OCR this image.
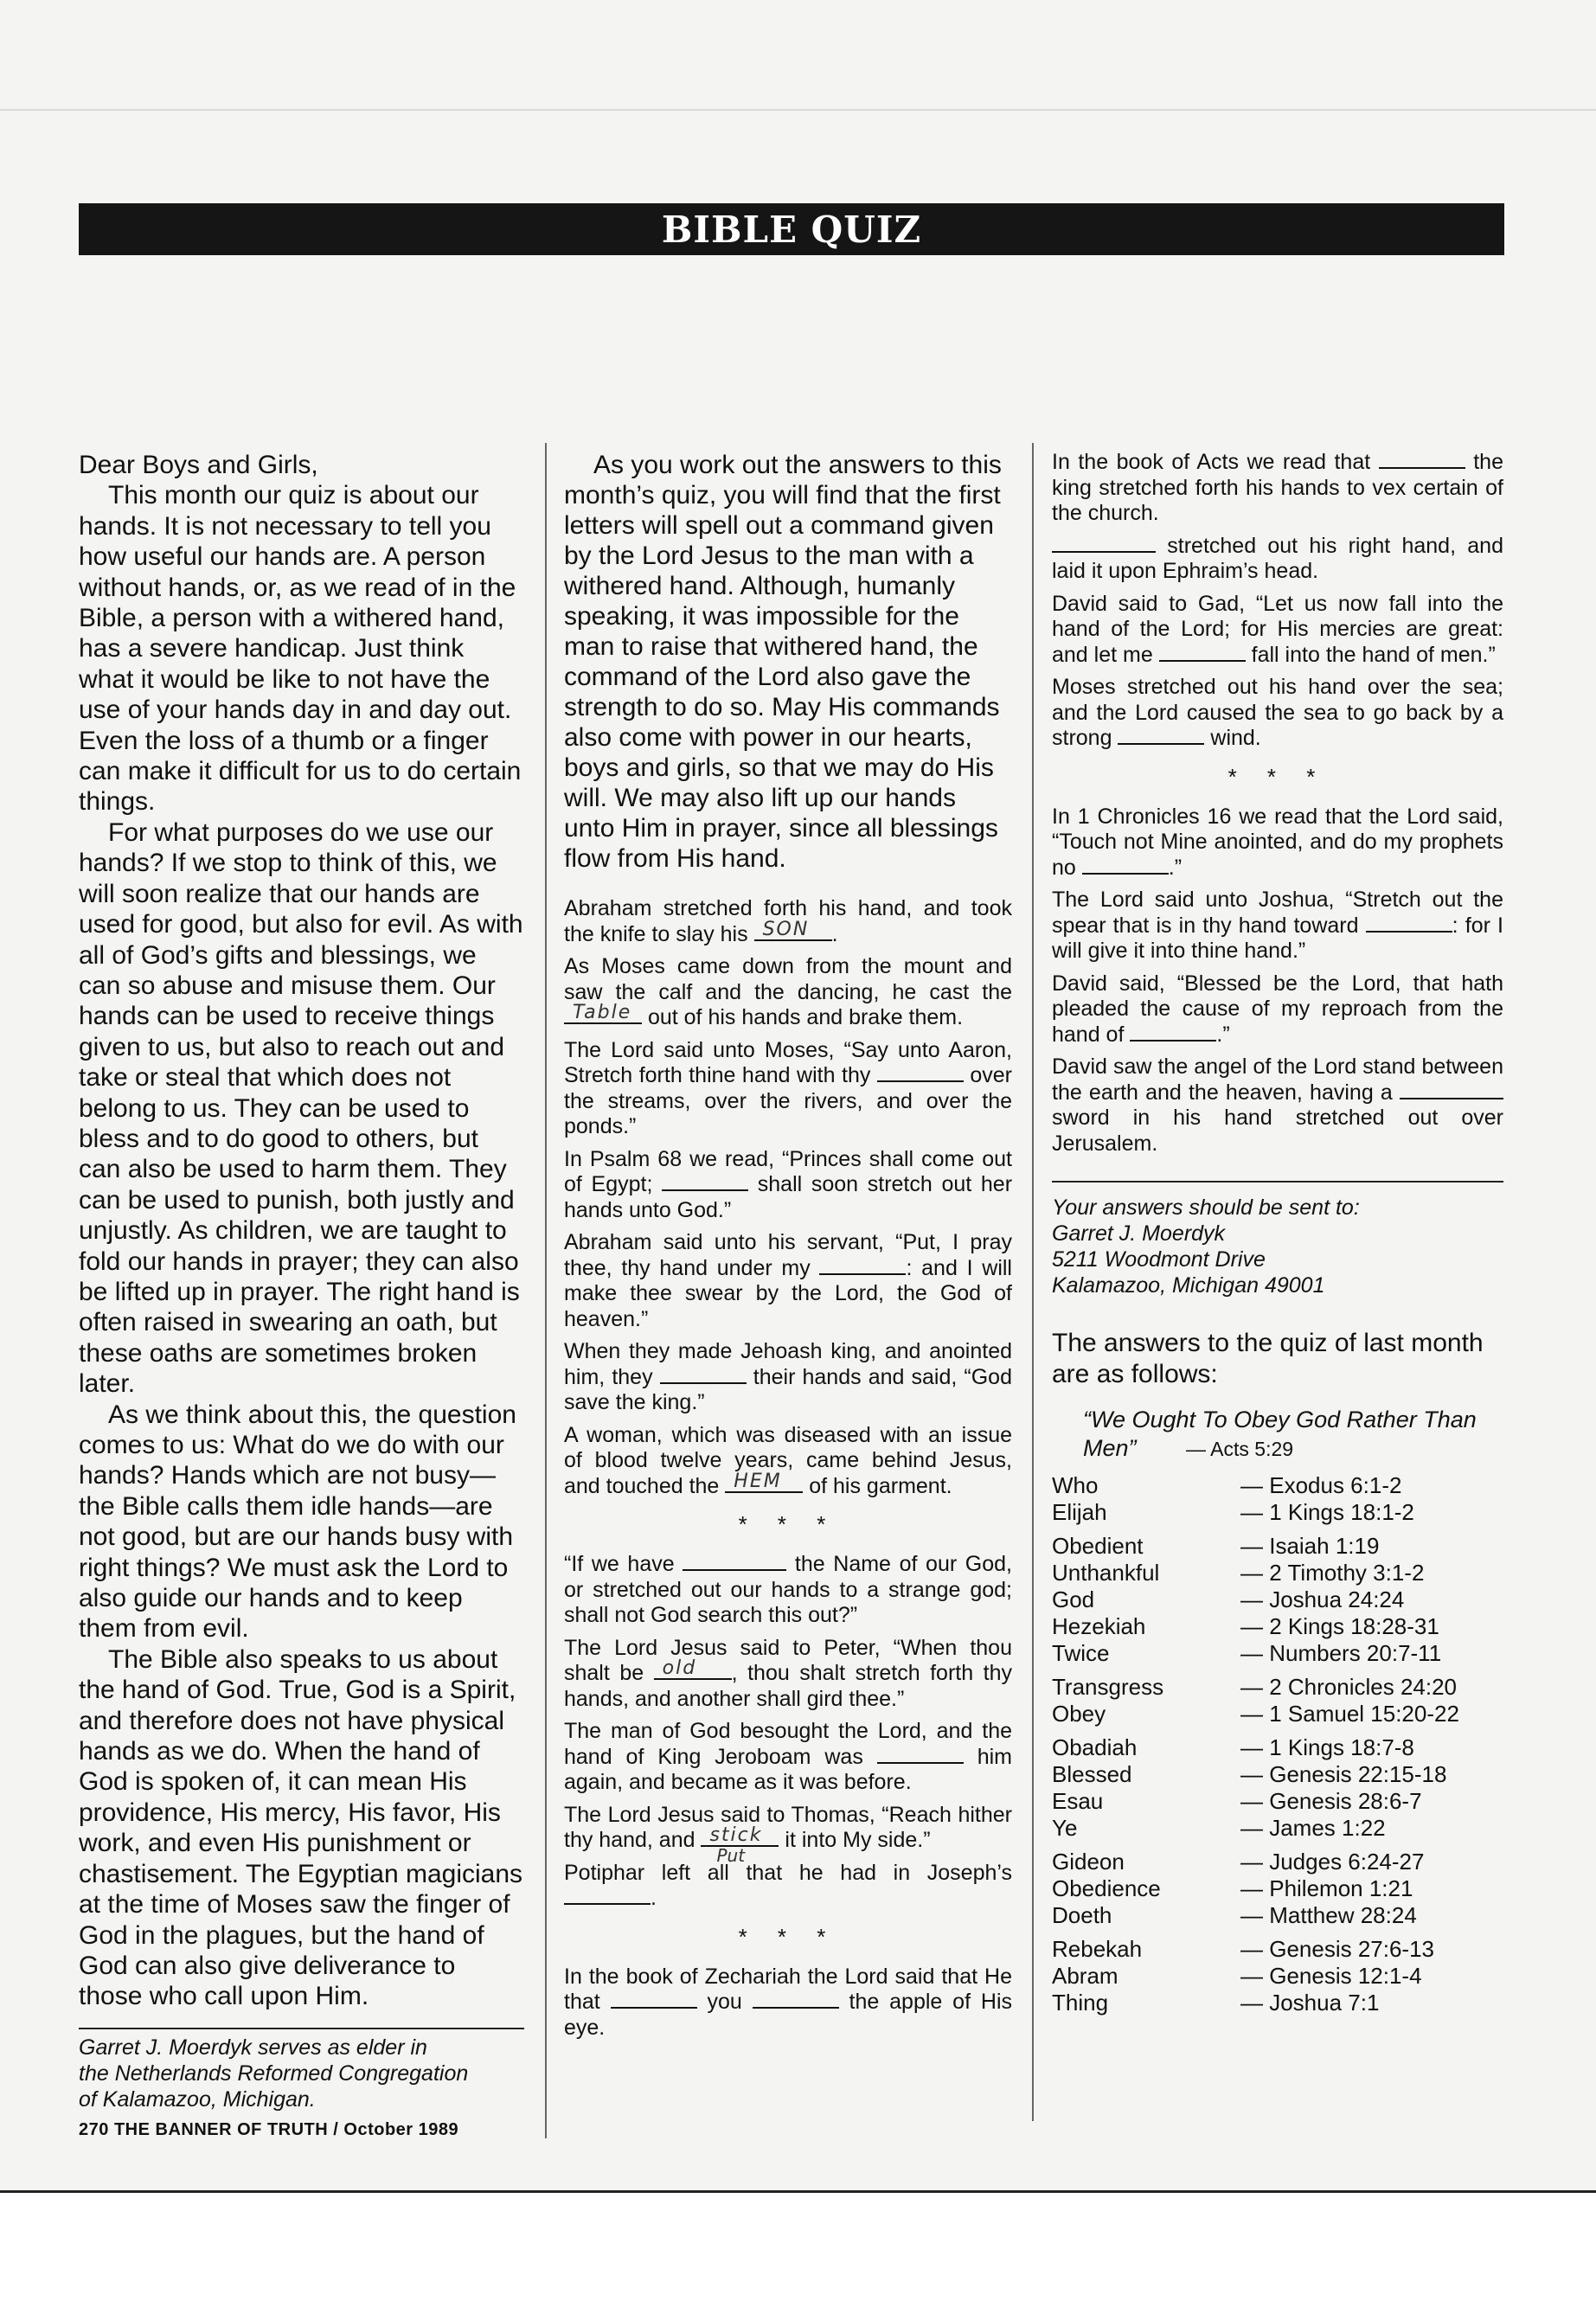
BIBLE QUIZ

Dear Boys and Girls,

This month our quiz is about our hands. It is not necessary to tell you how useful our hands are. A person without hands, or, as we read of in the Bible, a person with a withered hand, has a severe handicap. Just think what it would be like to not have the use of your hands day in and day out. Even the loss of a thumb or a finger can make it difficult for us to do certain things.

For what purposes do we use our hands? If we stop to think of this, we will soon realize that our hands are used for good, but also for evil. As with all of God’s gifts and blessings, we can so abuse and misuse them. Our hands can be used to receive things given to us, but also to reach out and take or steal that which does not belong to us. They can be used to bless and to do good to others, but can also be used to harm them. They can be used to punish, both justly and unjustly. As children, we are taught to fold our hands in prayer; they can also be lifted up in prayer. The right hand is often raised in swearing an oath, but these oaths are sometimes broken later.

As we think about this, the question comes to us: What do we do with our hands? Hands which are not busy—the Bible calls them idle hands—are not good, but are our hands busy with right things? We must ask the Lord to also guide our hands and to keep them from evil.

The Bible also speaks to us about the hand of God. True, God is a Spirit, and therefore does not have physical hands as we do. When the hand of God is spoken of, it can mean His providence, His mercy, His favor, His work, and even His punishment or chastisement. The Egyptian magicians at the time of Moses saw the finger of God in the plagues, but the hand of God can also give deliverance to those who call upon Him.

Garret J. Moerdyk serves as elder in
the Netherlands Reformed Congregation
of Kalamazoo, Michigan.
270 THE BANNER OF TRUTH / October 1989

As you work out the answers to this month’s quiz, you will find that the first letters will spell out a command given by the Lord Jesus to the man with a withered hand. Although, humanly speaking, it was impossible for the man to raise that withered hand, the command of the Lord also gave the strength to do so. May His commands also come with power in our hearts, boys and girls, so that we may do His will. We may also lift up our hands unto Him in prayer, since all blessings flow from His hand.

Abraham stretched forth his hand, and took the knife to slay his SON .

As Moses came down from the mount and saw the calf and the dancing, he cast the
Table out of his hands and brake them.

The Lord said unto Moses, “Say unto Aaron, Stretch forth thine hand with thy	over the streams, over the rivers, and over the ponds.”

In Psalm 68 we read, “Princes shall come out of Egypt;	shall soon stretch out her hands unto God.”

Abraham said unto his servant, “Put, I pray thee, thy hand under my	: and I will make thee swear by the Lord, the God of heaven.”

When they made Jehoash king, and anointed him, they	their hands and said, “God save the king.”

A woman, which was diseased with an issue of blood twelve years, came behind Jesus, and touched the HEM of his garment.

* * *

“If we have	the Name of our God, or stretched out our hands to a strange god; shall not God search this out?”

The Lord Jesus said to Peter, “When thou shalt be old , thou shalt stretch forth thy hands, and another shall gird thee.”

The man of God besought the Lord, and the hand of King Jeroboam was	him again, and became as it was before.

The Lord Jesus said to Thomas, “Reach hither thy hand, and stick
Put
it into My side.”

Potiphar left all that he had in Joseph’s .

* * *

In the book of Zechariah the Lord said that He that	you	the apple of His eye.

In the book of Acts we read that	the king stretched forth his hands to vex certain of the church.

stretched out his right hand, and laid it upon Ephraim’s head.

David said to Gad, “Let us now fall into the hand of the Lord; for His mercies are great: and let me	fall into the hand of men.”

Moses stretched out his hand over the sea; and the Lord caused the sea to go back by a strong	wind.

* * *

In 1 Chronicles 16 we read that the Lord said, “Touch not Mine anointed, and do my prophets no	.”

The Lord said unto Joshua, “Stretch out the spear that is in thy hand toward	: for I will give it into thine hand.”

David said, “Blessed be the Lord, that hath pleaded the cause of my reproach from the hand of	.”

David saw the angel of the Lord stand between the earth and the heaven, having a  sword in his hand stretched out over Jerusalem.

Your answers should be sent to:
Garret J. Moerdyk
5211 Woodmont Drive
Kalamazoo, Michigan 49001
The answers to the quiz of last month are as follows:
“We Ought To Obey God Rather Than Men”	— Acts 5:29
Who	— Exodus 6:1-2
Elijah	— 1 Kings 18:1-2
Obedient	— Isaiah 1:19
Unthankful	— 2 Timothy 3:1-2
God	— Joshua 24:24
Hezekiah	— 2 Kings 18:28-31
Twice	— Numbers 20:7-11
Transgress	— 2 Chronicles 24:20
Obey	— 1 Samuel 15:20-22
Obadiah	— 1 Kings 18:7-8
Blessed	— Genesis 22:15-18
Esau	— Genesis 28:6-7
Ye	— James 1:22
Gideon	— Judges 6:24-27
Obedience	— Philemon 1:21
Doeth	— Matthew 28:24
Rebekah	— Genesis 27:6-13
Abram	— Genesis 12:1-4
Thing	— Joshua 7:1
